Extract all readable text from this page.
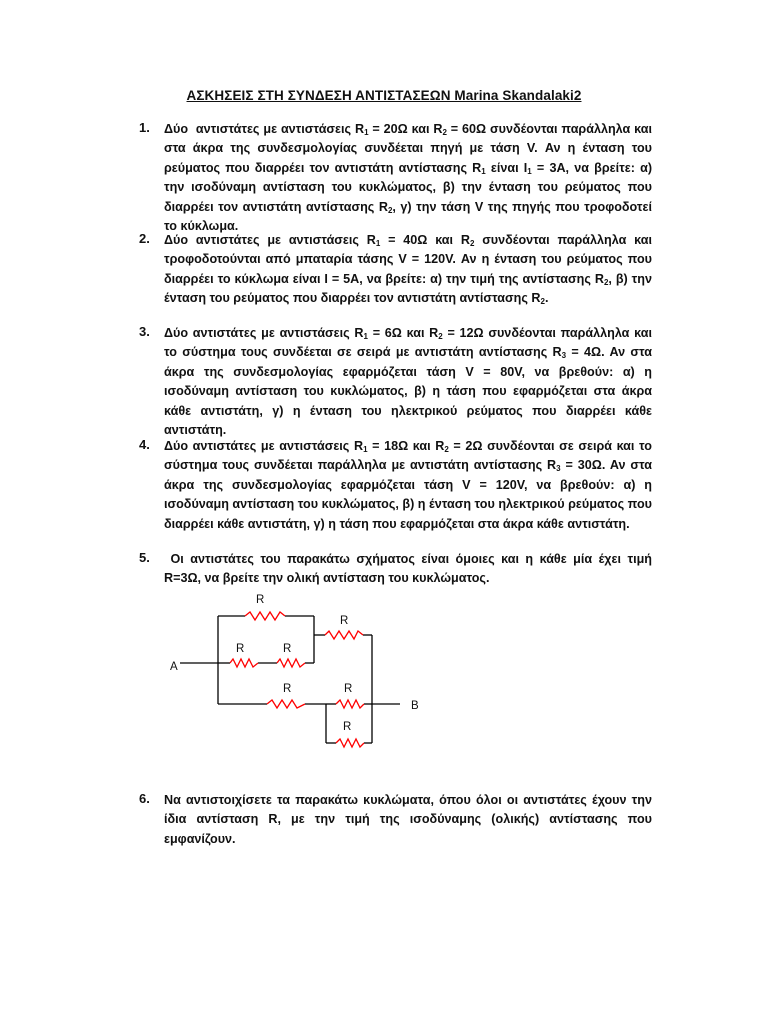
ΑΣΚΗΣΕΙΣ ΣΤΗ ΣΥΝΔΕΣΗ ΑΝΤΙΣΤΑΣΕΩΝ Marina Skandalaki2
1.	Δύο  αντιστάτες με αντιστάσεις $R_1 = 20\Omega$ και $R_2 = 60\Omega$ συνδέονται παράλληλα και στα άκρα της συνδεσμολογίας συνδέεται πηγή με τάση V. Αν η ένταση του ρεύματος που διαρρέει τον αντιστάτη αντίστασης $R_1$ είναι $I_1 = 3A$, να βρείτε: α) την ισοδύναμη αντίσταση του κυκλώματος, β) την ένταση του ρεύματος που διαρρέει τον αντιστάτη αντίστασης $R_2$, γ) την τάση V της πηγής που τροφοδοτεί το κύκλωμα.
2.	Δύο αντιστάτες με αντιστάσεις $R_1 = 40\Omega$ και $R_2$ συνδέονται παράλληλα και τροφοδοτούνται από μπαταρία τάσης V = 120V. Αν η ένταση του ρεύματος που διαρρέει το κύκλωμα είναι I = 5A, να βρείτε: α) την τιμή της αντίστασης $R_2$, β) την ένταση του ρεύματος που διαρρέει τον αντιστάτη αντίστασης $R_2$.
3.	Δύο αντιστάτες με αντιστάσεις $R_1 = 6\Omega$ και $R_2 = 12\Omega$ συνδέονται παράλληλα και το σύστημα τους συνδέεται σε σειρά με αντιστάτη αντίστασης $R_3 = 4\Omega$. Αν στα άκρα της συνδεσμολογίας εφαρμόζεται τάση V = 80V, να βρεθούν: α) η ισοδύναμη αντίσταση του κυκλώματος, β) η τάση που εφαρμόζεται στα άκρα κάθε αντιστάτη, γ) η ένταση του ηλεκτρικού ρεύματος που διαρρέει κάθε αντιστάτη.
4.	Δύο αντιστάτες με αντιστάσεις $R_1 = 18\Omega$ και $R_2 = 2\Omega$ συνδέονται σε σειρά και το σύστημα τους συνδέεται παράλληλα με αντιστάτη αντίστασης $R_3 = 30\Omega$. Αν στα άκρα της συνδεσμολογίας εφαρμόζεται τάση V = 120V, να βρεθούν: α) η ισοδύναμη αντίσταση του κυκλώματος, β) η ένταση του ηλεκτρικού ρεύματος που διαρρέει κάθε αντιστάτη, γ) η τάση που εφαρμόζεται στα άκρα κάθε αντιστάτη.
5.	Οι αντιστάτες του παρακάτω σχήματος είναι όμοιες και η κάθε μία έχει τιμή R=3Ω, να βρείτε την ολική αντίσταση του κυκλώματος.
R
R
R	R
R	R
R
A
B
6.	Να αντιστοιχίσετε τα παρακάτω κυκλώματα, όπου όλοι οι αντιστάτες έχουν την ίδια αντίσταση R, με την τιμή της ισοδύναμης (ολικής) αντίστασης που εμφανίζουν.
